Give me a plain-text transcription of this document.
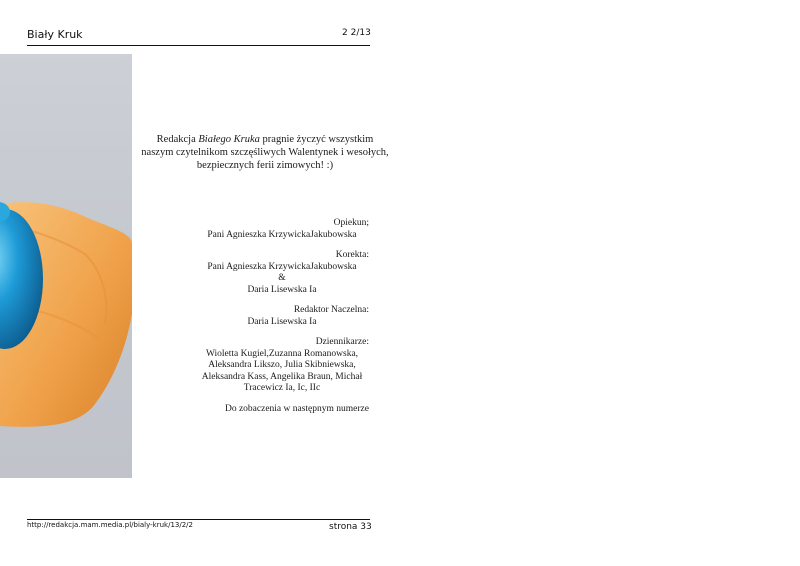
Biały Kruk	2 2/13
Redakcja Białego Kruka pragnie życzyć wszystkim naszym czytelnikom szczęśliwych Walentynek i wesołych, bezpiecznych ferii zimowych! :)
Opiekun;
Pani Agnieszka KrzywickaJakubowska
Korekta:
Pani Agnieszka KrzywickaJakubowska
&
Daria Lisewska Ia
Redaktor Naczelna:
Daria Lisewska Ia
Dziennikarze:
Wioletta Kugiel,Zuzanna Romanowska,
Aleksandra Likszo, Julia Skibniewska,
Aleksandra Kass, Angelika Braun, Michał
Tracewicz Ia, Ic, IIc
Do zobaczenia w następnym numerze
http://redakcja.mam.media.pl/bialy-kruk/13/2/2	strona 33
